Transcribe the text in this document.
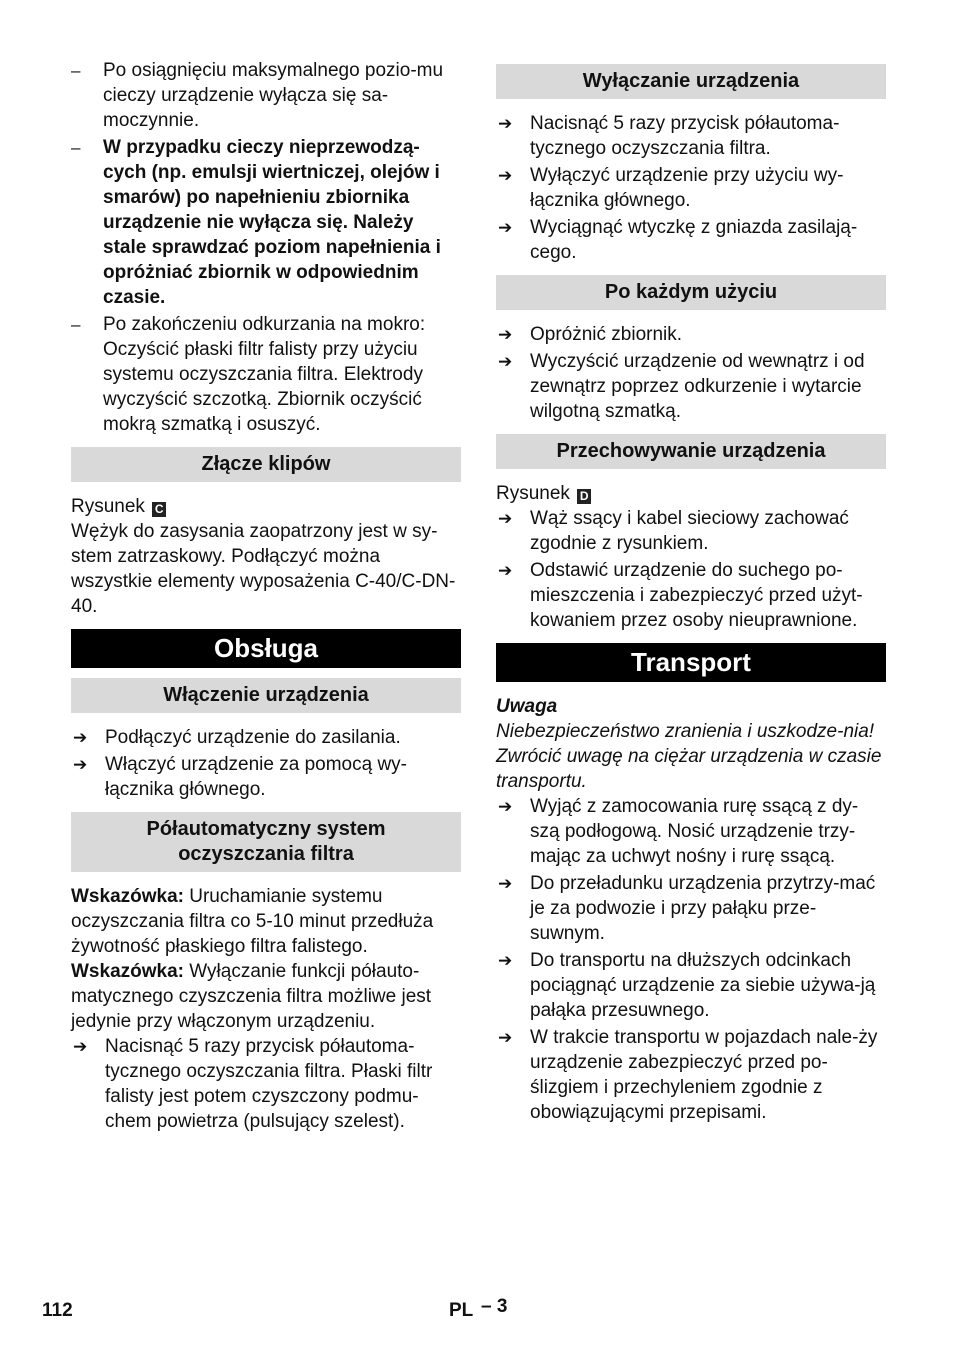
–	Po osiągnięciu maksymalnego pozio-mu cieczy urządzenie wyłącza się sa-moczynnie.
–	W przypadku cieczy nieprzewodzą-cych (np. emulsji wiertniczej, olejów i smarów) po napełnieniu zbiornika urządzenie nie wyłącza się. Należy stale sprawdzać poziom napełnienia i opróżniać zbiornik w odpowiednim czasie.
–	Po zakończeniu odkurzania na mokro: Oczyścić płaski filtr falisty przy użyciu systemu oczyszczania filtra. Elektrody wyczyścić szczotką. Zbiornik oczyścić mokrą szmatką i osuszyć.
Złącze klipów

Rysunek C

Wężyk do zasysania zaopatrzony jest w sy-stem zatrzaskowy. Podłączyć można wszystkie elementy wyposażenia C-40/C-DN-40.

Obsługa
Włączenie urządzenia
➔ Podłączyć urządzenie do zasilania.
➔ Włączyć urządzenie za pomocą wy-łącznika głównego.
Półautomatyczny system
oczyszczania filtra

Wskazówka: Uruchamianie systemu oczyszczania filtra co 5-10 minut przedłuża żywotność płaskiego filtra falistego.

Wskazówka: Wyłączanie funkcji półauto-matycznego czyszczenia filtra możliwe jest jedynie przy włączonym urządzeniu.

➔ Nacisnąć 5 razy przycisk półautoma-tycznego oczyszczania filtra. Płaski filtr falisty jest potem czyszczony podmu-chem powietrza (pulsujący szelest).
Wyłączanie urządzenia
➔ Nacisnąć 5 razy przycisk półautoma-tycznego oczyszczania filtra.
➔ Wyłączyć urządzenie przy użyciu wy-łącznika głównego.
➔ Wyciągnąć wtyczkę z gniazda zasilają-cego.
Po każdym użyciu
➔ Opróżnić zbiornik.
➔ Wyczyścić urządzenie od wewnątrz i od zewnątrz poprzez odkurzenie i wytarcie wilgotną szmatką.
Przechowywanie urządzenia

Rysunek D

➔ Wąż ssący i kabel sieciowy zachować zgodnie z rysunkiem.
➔ Odstawić urządzenie do suchego po-mieszczenia i zabezpieczyć przed użyt-kowaniem przez osoby nieuprawnione.
Transport

Uwaga

Niebezpieczeństwo zranienia i uszkodze-nia! Zwrócić uwagę na ciężar urządzenia w czasie transportu.

➔ Wyjąć z zamocowania rurę ssącą z dy-szą podłogową. Nosić urządzenie trzy-mając za uchwyt nośny i rurę ssącą.
➔ Do przeładunku urządzenia przytrzy-mać je za podwozie i przy pałąku prze-suwnym.
➔ Do transportu na dłuższych odcinkach pociągnąć urządzenie za siebie używa-ją pałąka przesuwnego.
➔ W trakcie transportu w pojazdach nale-ży urządzenie zabezpieczyć przed po-ślizgiem i przechyleniem zgodnie z obowiązującymi przepisami.
112	PL – 3
